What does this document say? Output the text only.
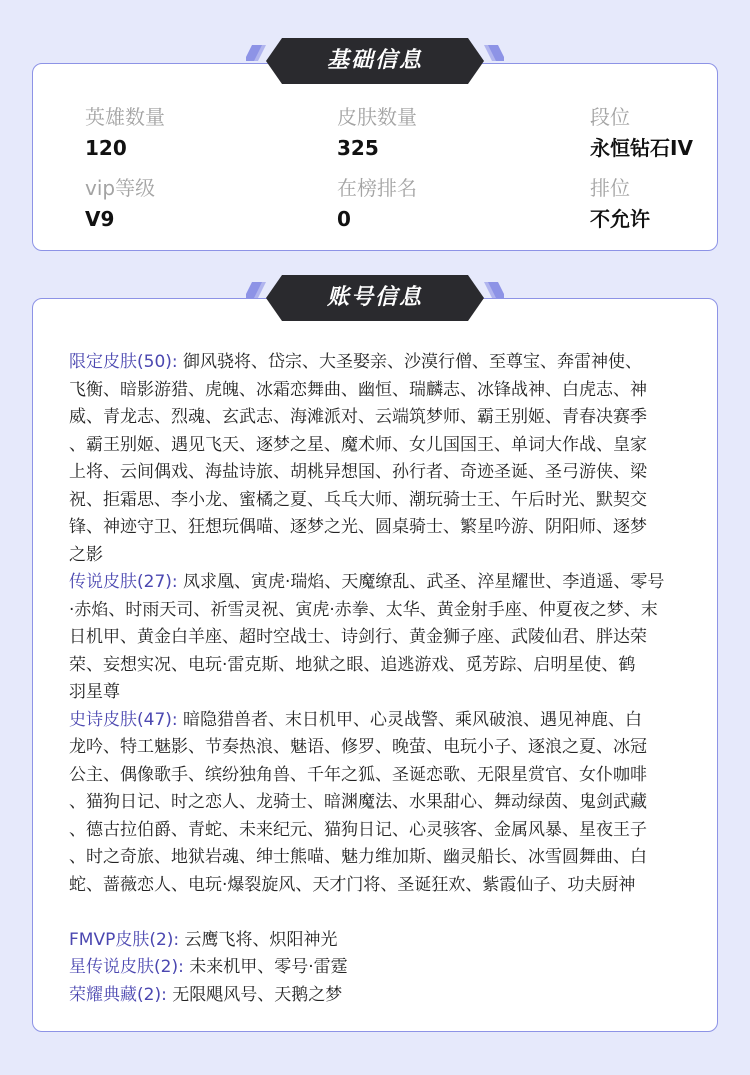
英雄数量
120
皮肤数量
325
段位
永恒钻石IV
vip等级
V9
在榜排名
0
排位
不允许
基础信息
限定皮肤(50): 御风骁将、岱宗、大圣娶亲、沙漠行僧、至尊宝、奔雷神使、
飞衡、暗影游猎、虎魄、冰霜恋舞曲、幽恒、瑞麟志、冰锋战神、白虎志、神
威、青龙志、烈魂、玄武志、海滩派对、云端筑梦师、霸王别姬、青春决赛季
、霸王别姬、遇见飞天、逐梦之星、魔术师、女儿国国王、单词大作战、皇家
上将、云间偶戏、海盐诗旅、胡桃异想国、孙行者、奇迹圣诞、圣弓游侠、梁
祝、拒霜思、李小龙、蜜橘之夏、乓乓大师、潮玩骑士王、午后时光、默契交
锋、神迹守卫、狂想玩偶喵、逐梦之光、圆桌骑士、繁星吟游、阴阳师、逐梦
之影
传说皮肤(27): 凤求凰、寅虎·瑞焰、天魔缭乱、武圣、淬星耀世、李逍遥、零号
·赤焰、时雨天司、祈雪灵祝、寅虎·赤拳、太华、黄金射手座、仲夏夜之梦、末
日机甲、黄金白羊座、超时空战士、诗剑行、黄金狮子座、武陵仙君、胖达荣
荣、妄想实况、电玩·雷克斯、地狱之眼、追逃游戏、觅芳踪、启明星使、鹤
羽星尊
史诗皮肤(47): 暗隐猎兽者、末日机甲、心灵战警、乘风破浪、遇见神鹿、白
龙吟、特工魅影、节奏热浪、魅语、修罗、晚萤、电玩小子、逐浪之夏、冰冠
公主、偶像歌手、缤纷独角兽、千年之狐、圣诞恋歌、无限星赏官、女仆咖啡
、猫狗日记、时之恋人、龙骑士、暗渊魔法、水果甜心、舞动绿茵、鬼剑武藏
、德古拉伯爵、青蛇、未来纪元、猫狗日记、心灵骇客、金属风暴、星夜王子
、时之奇旅、地狱岩魂、绅士熊喵、魅力维加斯、幽灵船长、冰雪圆舞曲、白
蛇、蔷薇恋人、电玩·爆裂旋风、天才门将、圣诞狂欢、紫霞仙子、功夫厨神
FMVP皮肤(2): 云鹰飞将、炽阳神光
星传说皮肤(2): 未来机甲、零号·雷霆
荣耀典藏(2): 无限飓风号、天鹅之梦
账号信息
